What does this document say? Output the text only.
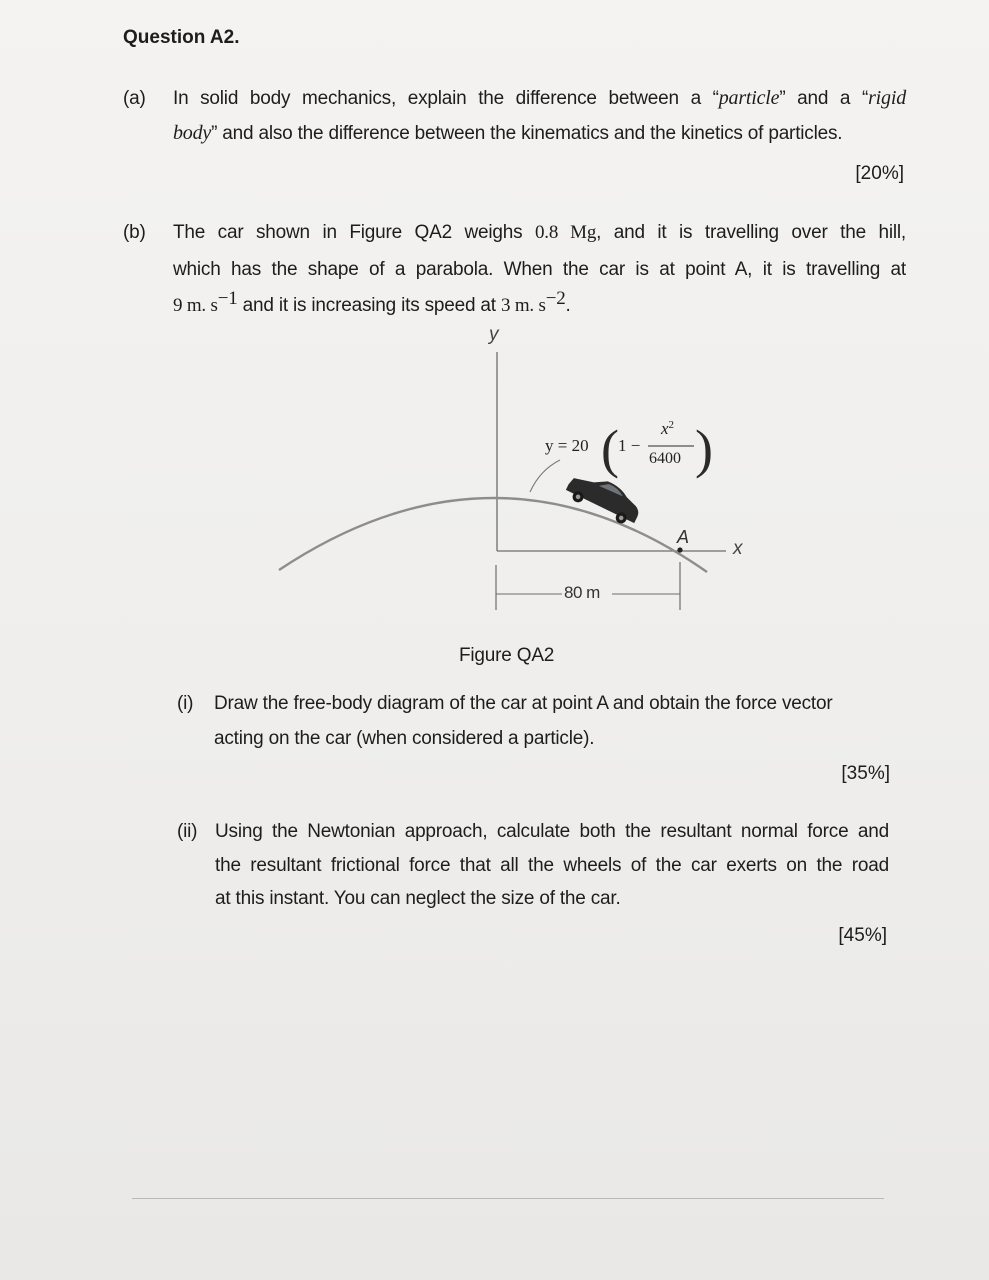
Question A2.
(a) In solid body mechanics, explain the difference between a “particle” and a “rigid
body” and also the difference between the kinematics and the kinetics of particles.
[20%]
(b) The car shown in Figure QA2 weighs 0.8 Mg, and it is travelling over the hill,
which has the shape of a parabola. When the car is at point A, it is travelling at
9 m. $s^{-1}$ and it is increasing its speed at 3 m. $s^{-2}$.
( )
y
x
A
80 m
y = 20 1 −
$x^2$
6400
Figure QA2
(i) Draw the free-body diagram of the car at point A and obtain the force vector
acting on the car (when considered a particle).
[35%]
(ii) Using the Newtonian approach, calculate both the resultant normal force and
the resultant frictional force that all the wheels of the car exerts on the road
at this instant. You can neglect the size of the car.
[45%]
